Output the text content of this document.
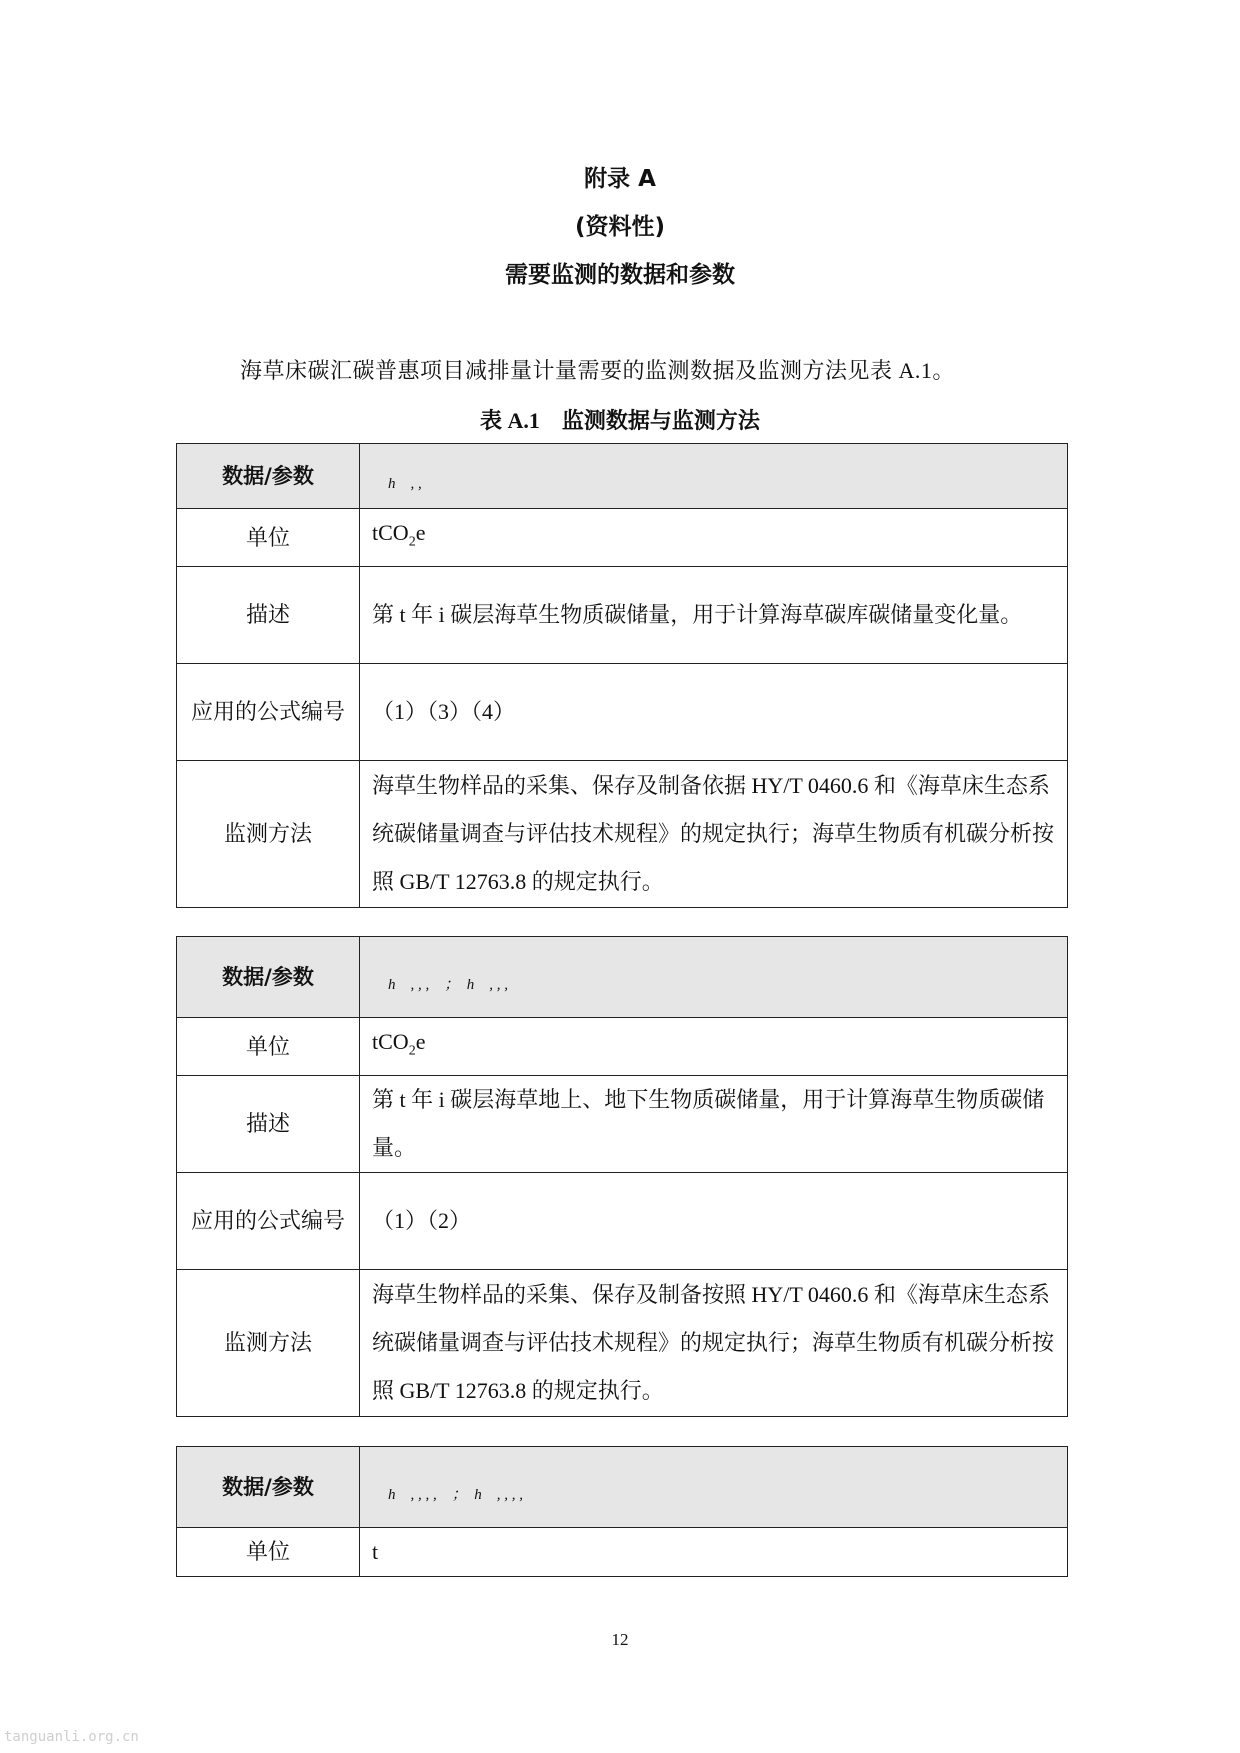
附录 A
(资料性)
需要监测的数据和参数
海草床碳汇碳普惠项目减排量计量需要的监测数据及监测方法见表 A.1。
表 A.1　监测数据与监测方法
数据/参数	h　, ,
单位	tCO$_2$e
描述	第 t 年 i 碳层海草生物质碳储量，用于计算海草碳库碳储量变化量。
应用的公式编号	（1）（3）（4）
监测方法	海草生物样品的采集、保存及制备依据 HY/T 0460.6 和《海草床生态系统碳储量调查与评估技术规程》的规定执行；海草生物质有机碳分析按照 GB/T 12763.8 的规定执行。
数据/参数	h　, , ,　；　h　, , ,
单位	tCO$_2$e
描述	第 t 年 i 碳层海草地上、地下生物质碳储量，用于计算海草生物质碳储量。
应用的公式编号	（1）（2）
监测方法	海草生物样品的采集、保存及制备按照 HY/T 0460.6 和《海草床生态系统碳储量调查与评估技术规程》的规定执行；海草生物质有机碳分析按照 GB/T 12763.8 的规定执行。
数据/参数	h　, , , ,　；　h　, , , ,
单位	t
12
tanguanli.org.cn
